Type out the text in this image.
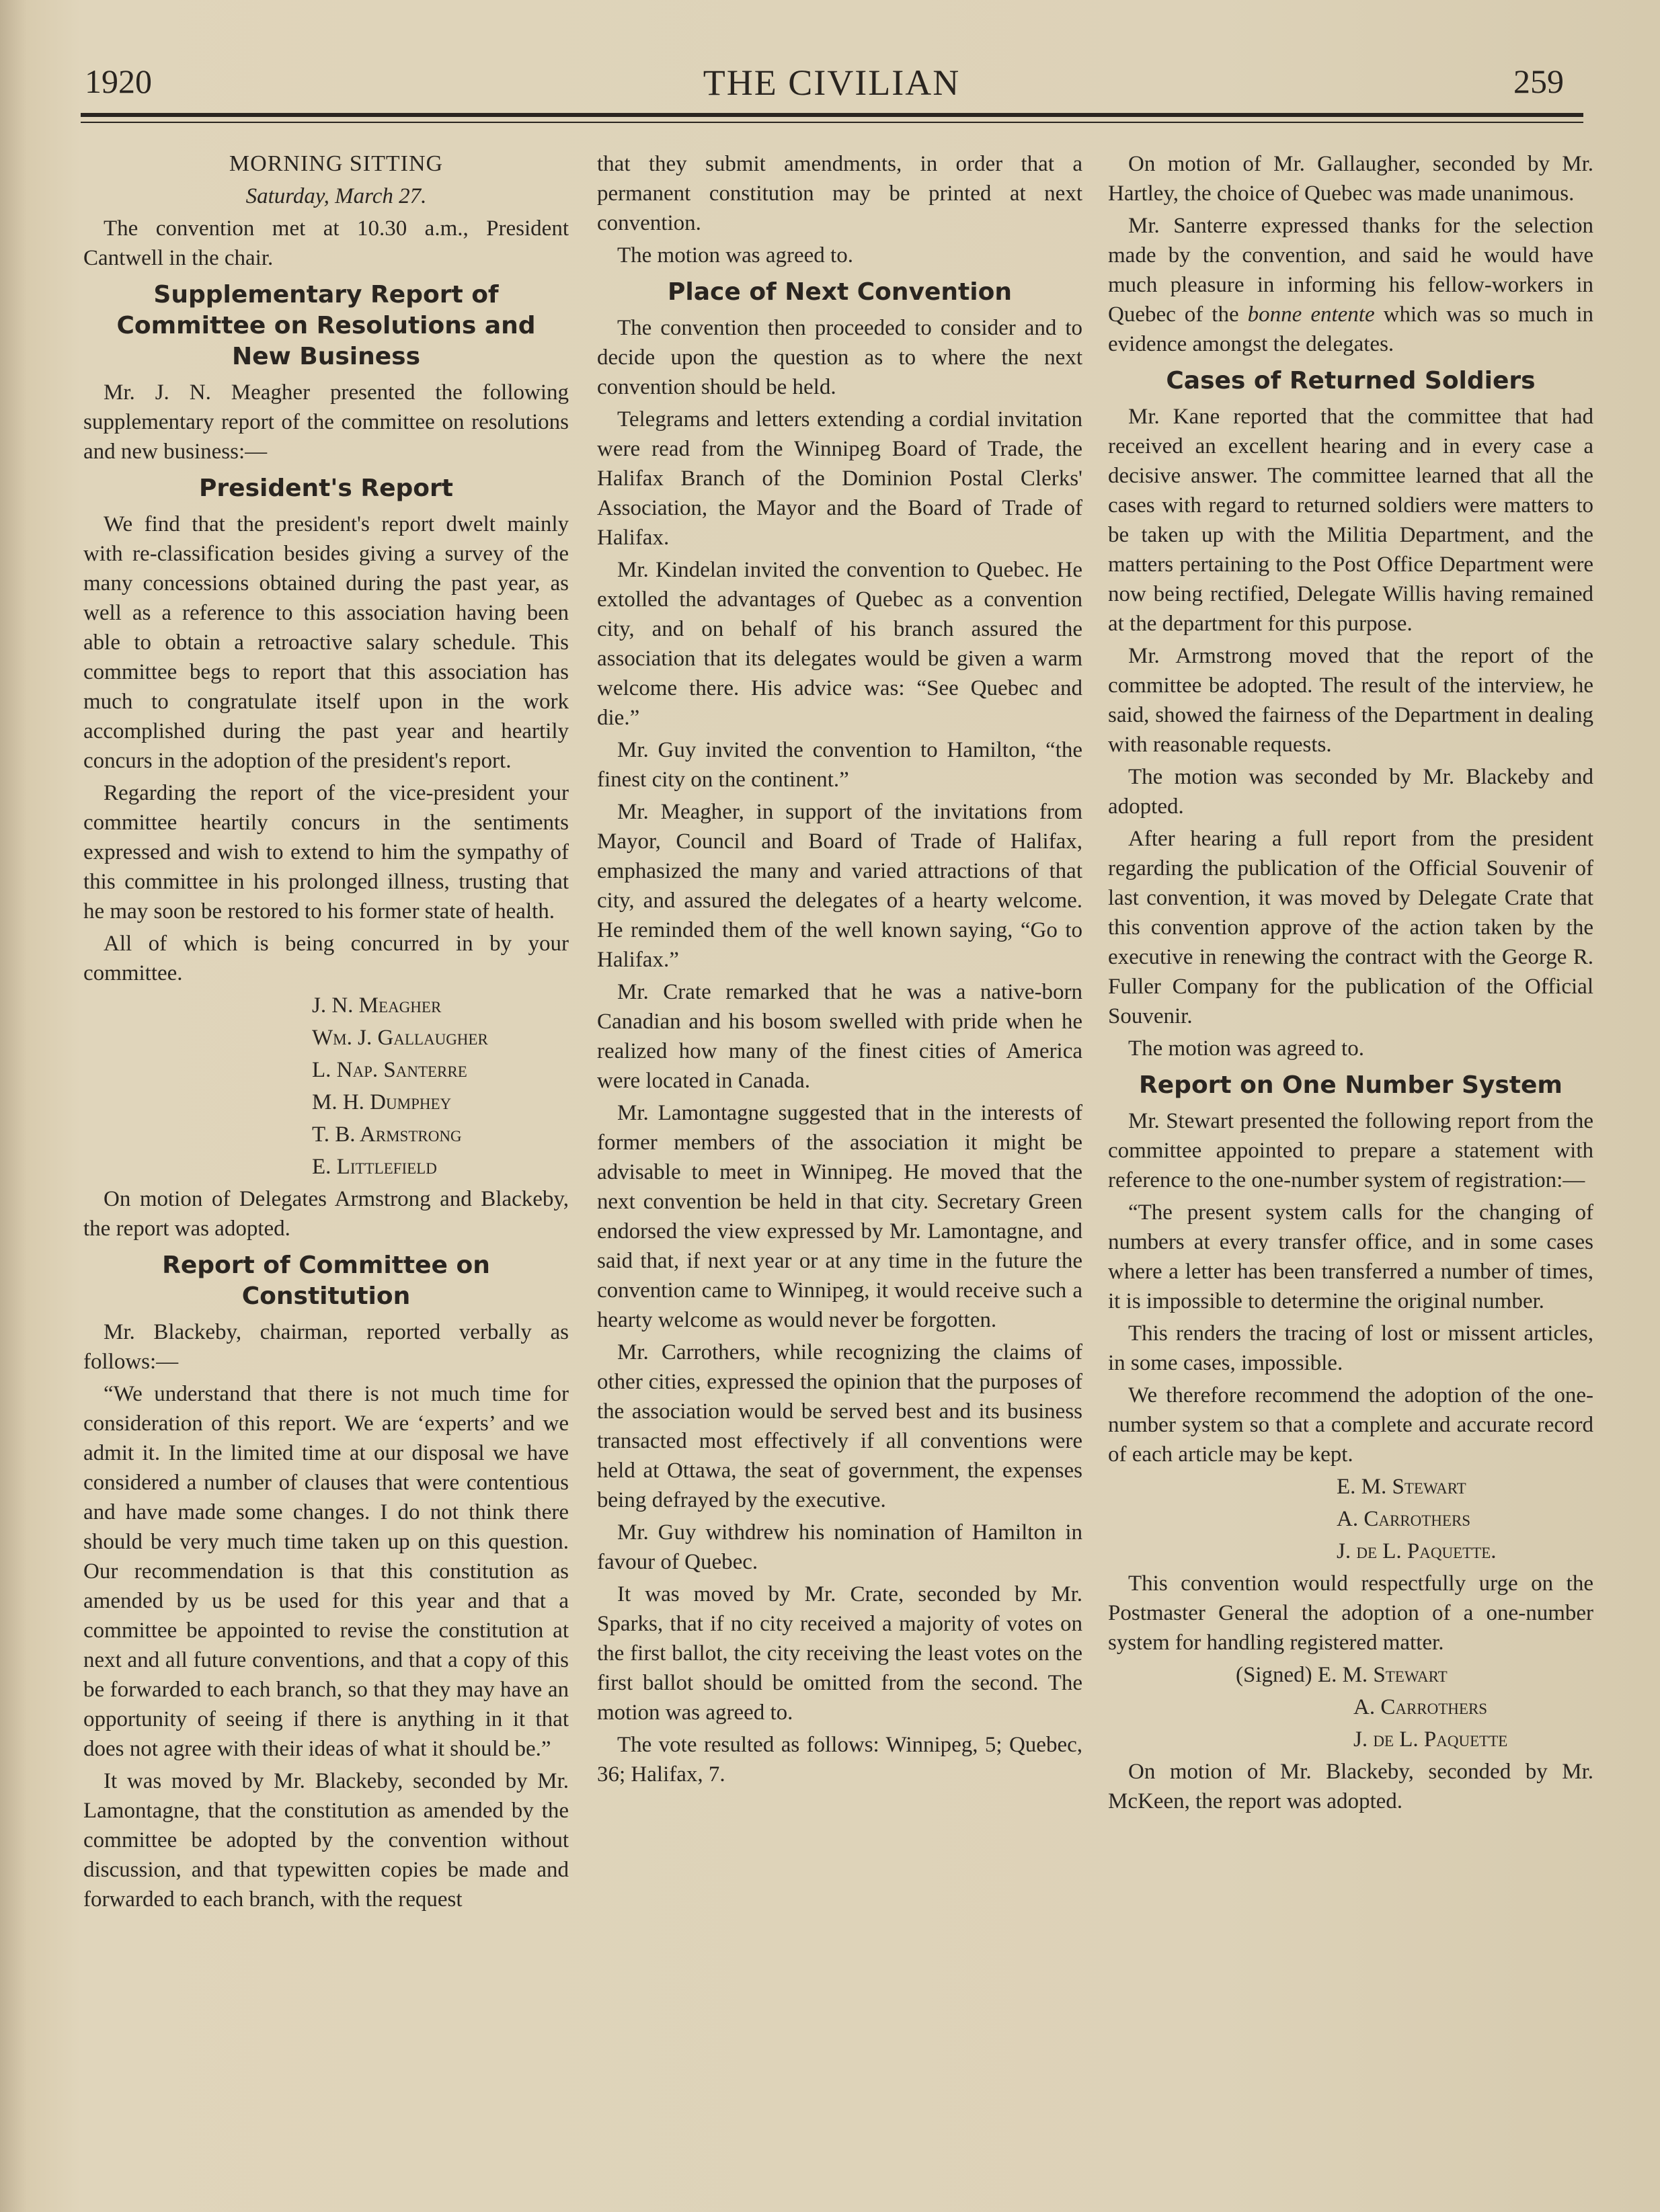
1920	THE CIVILIAN	259

MORNING SITTING

Saturday, March 27.

The convention met at 10.30 a.m., President Cantwell in the chair.

Supplementary Report of Committee on Resolutions and New Business

Mr. J. N. Meagher presented the following supplementary report of the committee on resolutions and new business:—

President's Report

We find that the president's report dwelt mainly with re-classification besides giving a survey of the many concessions obtained during the past year, as well as a reference to this association having been able to obtain a retroactive salary schedule. This committee begs to report that this association has much to congratulate itself upon in the work accomplished during the past year and heartily concurs in the adoption of the president's report.

Regarding the report of the vice-president your committee heartily concurs in the sentiments expressed and wish to extend to him the sympathy of this committee in his prolonged illness, trusting that he may soon be restored to his former state of health.

All of which is being concurred in by your committee.

J. N. Meagher

Wm. J. Gallaugher

L. Nap. Santerre

M. H. Dumphey

T. B. Armstrong

E. Littlefield

On motion of Delegates Armstrong and Blackeby, the report was adopted.

Report of Committee on Constitution

Mr. Blackeby, chairman, reported verbally as follows:—

“We understand that there is not much time for consideration of this report. We are ‘experts’ and we admit it. In the limited time at our disposal we have considered a number of clauses that were contentious and have made some changes. I do not think there should be very much time taken up on this question. Our recommendation is that this constitution as amended by us be used for this year and that a committee be appointed to revise the constitution at next and all future conventions, and that a copy of this be forwarded to each branch, so that they may have an opportunity of seeing if there is anything in it that does not agree with their ideas of what it should be.”

It was moved by Mr. Blackeby, seconded by Mr. Lamontagne, that the constitution as amended by the committee be adopted by the convention without discussion, and that typewitten copies be made and forwarded to each branch, with the request

that they submit amendments, in order that a permanent constitution may be printed at next convention.

The motion was agreed to.

Place of Next Convention

The convention then proceeded to consider and to decide upon the question as to where the next convention should be held.

Telegrams and letters extending a cordial invitation were read from the Winnipeg Board of Trade, the Halifax Branch of the Dominion Postal Clerks' Association, the Mayor and the Board of Trade of Halifax.

Mr. Kindelan invited the convention to Quebec. He extolled the advantages of Quebec as a convention city, and on behalf of his branch assured the association that its delegates would be given a warm welcome there. His advice was: “See Quebec and die.”

Mr. Guy invited the convention to Hamilton, “the finest city on the continent.”

Mr. Meagher, in support of the invitations from Mayor, Council and Board of Trade of Halifax, emphasized the many and varied attractions of that city, and assured the delegates of a hearty welcome. He reminded them of the well known saying, “Go to Halifax.”

Mr. Crate remarked that he was a native-born Canadian and his bosom swelled with pride when he realized how many of the finest cities of America were located in Canada.

Mr. Lamontagne suggested that in the interests of former members of the association it might be advisable to meet in Winnipeg. He moved that the next convention be held in that city. Secretary Green endorsed the view expressed by Mr. Lamontagne, and said that, if next year or at any time in the future the convention came to Winnipeg, it would receive such a hearty welcome as would never be forgotten.

Mr. Carrothers, while recognizing the claims of other cities, expressed the opinion that the purposes of the association would be served best and its business transacted most effectively if all conventions were held at Ottawa, the seat of government, the expenses being defrayed by the executive.

Mr. Guy withdrew his nomination of Hamilton in favour of Quebec.

It was moved by Mr. Crate, seconded by Mr. Sparks, that if no city received a majority of votes on the first ballot, the city receiving the least votes on the first ballot should be omitted from the second. The motion was agreed to.

The vote resulted as follows: Winnipeg, 5; Quebec, 36; Halifax, 7.

On motion of Mr. Gallaugher, seconded by Mr. Hartley, the choice of Quebec was made unanimous.

Mr. Santerre expressed thanks for the selection made by the convention, and said he would have much pleasure in informing his fellow-workers in Quebec of the bonne entente which was so much in evidence amongst the delegates.

Cases of Returned Soldiers

Mr. Kane reported that the committee that had received an excellent hearing and in every case a decisive answer. The committee learned that all the cases with regard to returned soldiers were matters to be taken up with the Militia Department, and the matters pertaining to the Post Office Department were now being rectified, Delegate Willis having remained at the department for this purpose.

Mr. Armstrong moved that the report of the committee be adopted. The result of the interview, he said, showed the fairness of the Department in dealing with reasonable requests.

The motion was seconded by Mr. Blackeby and adopted.

After hearing a full report from the president regarding the publication of the Official Souvenir of last convention, it was moved by Delegate Crate that this convention approve of the action taken by the executive in renewing the contract with the George R. Fuller Company for the publication of the Official Souvenir.

The motion was agreed to.

Report on One Number System

Mr. Stewart presented the following report from the committee appointed to prepare a statement with reference to the one-number system of registration:—

“The present system calls for the changing of numbers at every transfer office, and in some cases where a letter has been transferred a number of times, it is impossible to determine the original number.

This renders the tracing of lost or missent articles, in some cases, impossible.

We therefore recommend the adoption of the one-number system so that a complete and accurate record of each article may be kept.

E. M. Stewart

A. Carrothers

J. de L. Paquette.

This convention would respectfully urge on the Postmaster General the adoption of a one-number system for handling registered matter.

(Signed) E. M. Stewart

A. Carrothers

J. de L. Paquette

On motion of Mr. Blackeby, seconded by Mr. McKeen, the report was adopted.
